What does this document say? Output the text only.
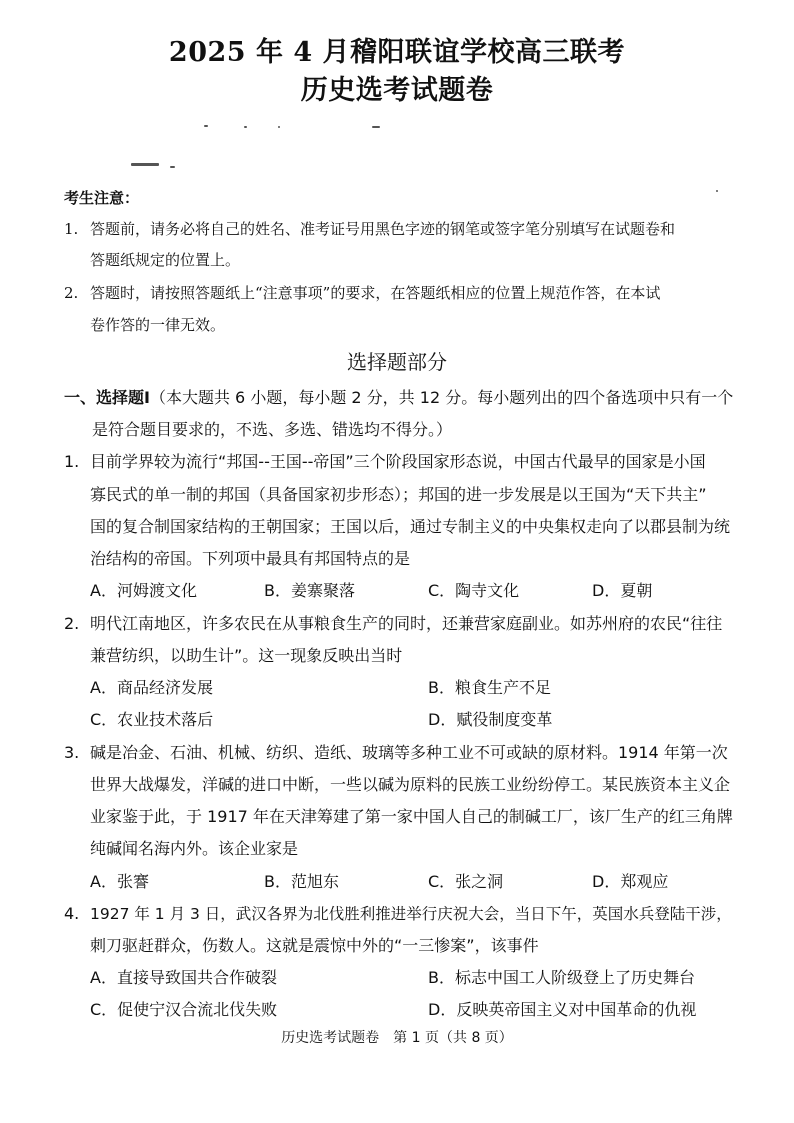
2025 年 4 月稽阳联谊学校高三联考
历史选考试题卷
考生注意：
1. 答题前，请务必将自己的姓名、准考证号用黑色字迹的钢笔或签字笔分别填写在试题卷和
答题纸规定的位置上。
2. 答题时，请按照答题纸上“注意事项”的要求，在答题纸相应的位置上规范作答，在本试
卷作答的一律无效。
选择题部分
一、选择题Ⅰ（本大题共 6 小题，每小题 2 分，共 12 分。每小题列出的四个备选项中只有一个
是符合题目要求的，不选、多选、错选均不得分。）
1. 目前学界较为流行“邦国--王国--帝国”三个阶段国家形态说，中国古代最早的国家是小国
寡民式的单一制的邦国（具备国家初步形态）；邦国的进一步发展是以王国为“天下共主”
国的复合制国家结构的王朝国家；王国以后，通过专制主义的中央集权走向了以郡县制为统
治结构的帝国。下列项中最具有邦国特点的是
A．河姆渡文化	B．姜寨聚落	C．陶寺文化	D．夏朝
2. 明代江南地区，许多农民在从事粮食生产的同时，还兼营家庭副业。如苏州府的农民“往往
兼营纺织，以助生计”。这一现象反映出当时
A．商品经济发展	B．粮食生产不足
C．农业技术落后	D．赋役制度变革
3. 碱是冶金、石油、机械、纺织、造纸、玻璃等多种工业不可或缺的原材料。1914 年第一次
世界大战爆发，洋碱的进口中断，一些以碱为原料的民族工业纷纷停工。某民族资本主义企
业家鉴于此，于 1917 年在天津筹建了第一家中国人自己的制碱工厂，该厂生产的红三角牌
纯碱闻名海内外。该企业家是
A．张謇	B．范旭东	C．张之洞	D．郑观应
4. 1927 年 1 月 3 日，武汉各界为北伐胜利推进举行庆祝大会，当日下午，英国水兵登陆干涉，
刺刀驱赶群众，伤数人。这就是震惊中外的“一三惨案”，该事件
A．直接导致国共合作破裂	B．标志中国工人阶级登上了历史舞台
C．促使宁汉合流北伐失败	D．反映英帝国主义对中国革命的仇视
历史选考试题卷　第 1 页（共 8 页）
